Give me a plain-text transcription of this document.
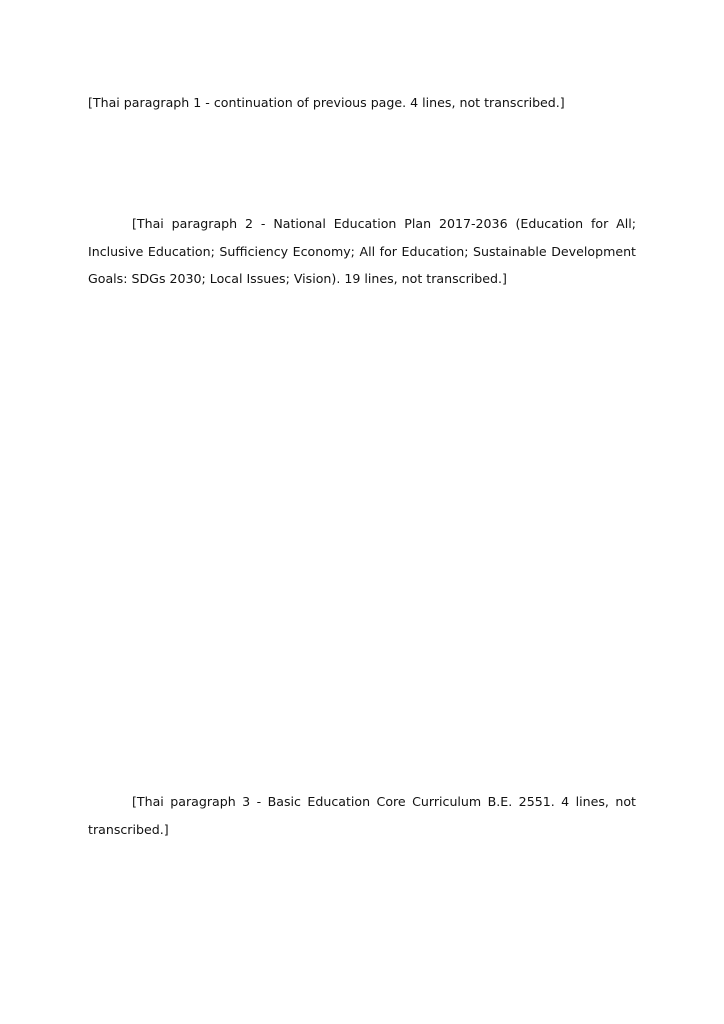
[Thai paragraph 1 - continuation of previous page. 4 lines, not transcribed.]

[Thai paragraph 2 - National Education Plan 2017-2036 (Education for All; Inclusive Education; Sufficiency Economy; All for Education; Sustainable Development Goals: SDGs 2030; Local Issues; Vision). 19 lines, not transcribed.]

[Thai paragraph 3 - Basic Education Core Curriculum B.E. 2551. 4 lines, not transcribed.]
